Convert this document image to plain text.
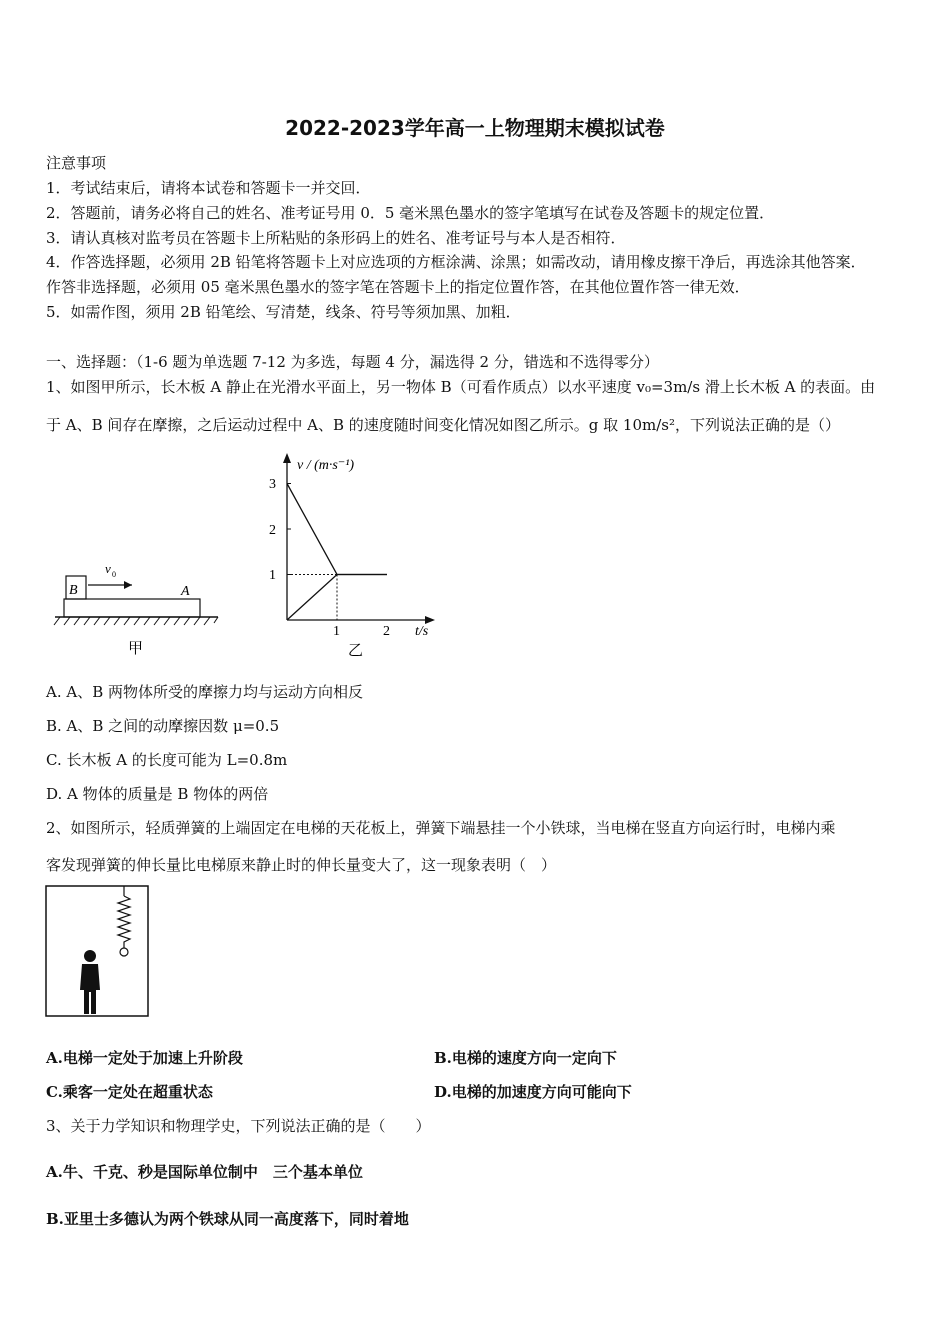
2022-2023学年高一上物理期末模拟试卷
注意事项
1．考试结束后，请将本试卷和答题卡一并交回．
2．答题前，请务必将自己的姓名、准考证号用 0．5 毫米黑色墨水的签字笔填写在试卷及答题卡的规定位置．
3．请认真核对监考员在答题卡上所粘贴的条形码上的姓名、准考证号与本人是否相符．
4．作答选择题，必须用 2B 铅笔将答题卡上对应选项的方框涂满、涂黑；如需改动，请用橡皮擦干净后，再选涂其他答案．
作答非选择题，必须用 05 毫米黑色墨水的签字笔在答题卡上的指定位置作答，在其他位置作答一律无效．
5．如需作图，须用 2B 铅笔绘、写清楚，线条、符号等须加黑、加粗．
一、选择题：（1-6 题为单选题 7-12 为多选，每题 4 分，漏选得 2 分，错选和不选得零分）
1、如图甲所示，长木板 A 静止在光滑水平面上，另一物体 B（可看作质点）以水平速度 v₀=3m/s 滑上长木板 A 的表面。由
于 A、B 间存在摩擦，之后运动过程中 A、B 的速度随时间变化情况如图乙所示。g 取 10m/s²，下列说法正确的是（）
B	A
v 0
甲
v / (m·s⁻¹)
t/s
3
2
1
1	2
乙
A. A、B 两物体所受的摩擦力均与运动方向相反
B. A、B 之间的动摩擦因数 μ=0.5
C. 长木板 A 的长度可能为 L=0.8m
D. A 物体的质量是 B 物体的两倍
2、如图所示，轻质弹簧的上端固定在电梯的天花板上，弹簧下端悬挂一个小铁球，当电梯在竖直方向运行时，电梯内乘
客发现弹簧的伸长量比电梯原来静止时的伸长量变大了，这一现象表明（　）
A.电梯一定处于加速上升阶段	B.电梯的速度方向一定向下
C.乘客一定处在超重状态	D.电梯的加速度方向可能向下
3、关于力学知识和物理学史，下列说法正确的是（　　）
A.牛、千克、秒是国际单位制中　三个基本单位
B.亚里士多德认为两个铁球从同一高度落下，同时着地
